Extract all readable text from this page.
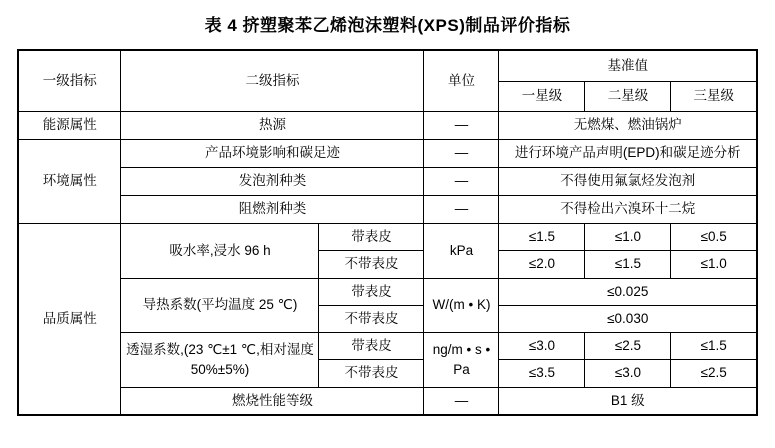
表 4 挤塑聚苯乙烯泡沫塑料(XPS)制品评价指标
一级指标	二级指标		单位	基准值		
				一星级	二星级	三星级
能源属性	热源		—	无燃煤、燃油锅炉		
环境属性	产品环境影响和碳足迹		—	进行环境产品声明(EPD)和碳足迹分析		
	发泡剂种类		—	不得使用氟氯烃发泡剂		
	阻燃剂种类		—	不得检出六溴环十二烷		
品质属性	吸水率,浸水 96 h	带表皮	kPa	≤1.5	≤1.0	≤0.5
		不带表皮		≤2.0	≤1.5	≤1.0
	导热系数(平均温度 25 ℃)	带表皮	W/(m • K)	≤0.025		
		不带表皮		≤0.030		
	透湿系数,(23 ℃±1 ℃,相对湿度 50%±5%)	带表皮	ng/m • s • Pa	≤3.0	≤2.5	≤1.5
		不带表皮		≤3.5	≤3.0	≤2.5
	燃烧性能等级		—	B1 级		
